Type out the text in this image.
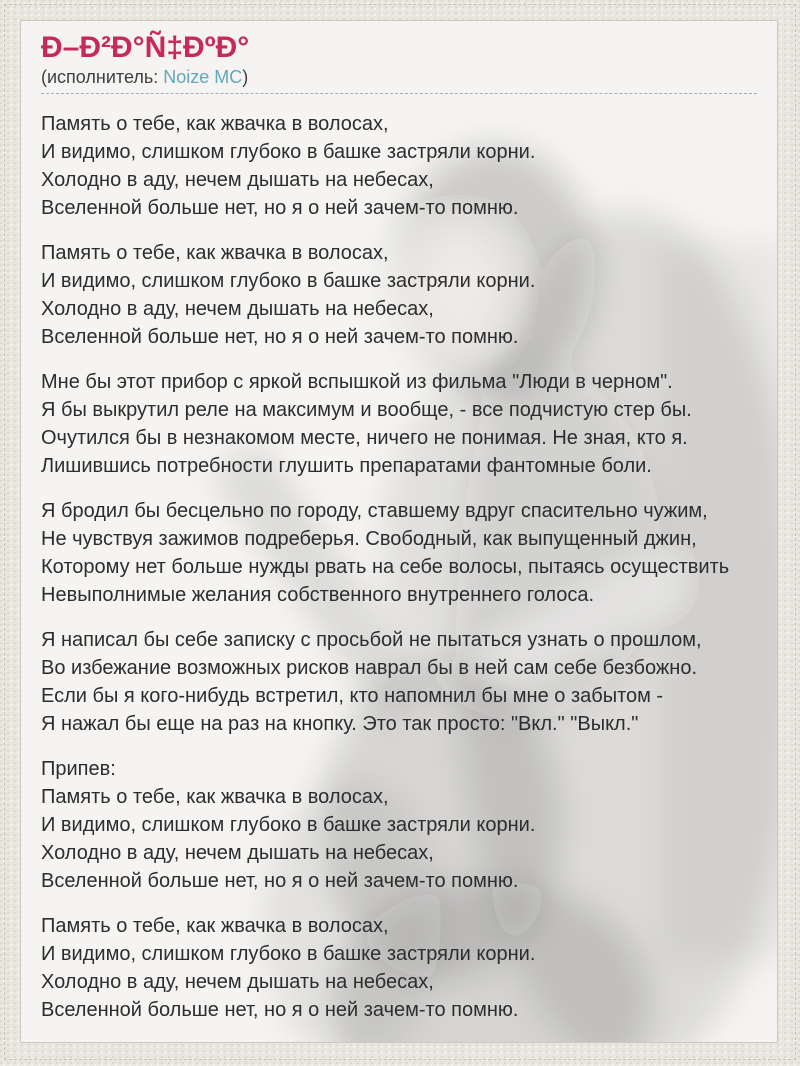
Ð–Ð²Ð°Ñ‡ÐºÐ°
(исполнитель: Noize MC)

Память о тебе, как жвачка в волосах,
И видимо, слишком глубоко в башке застряли корни.
Холодно в аду, нечем дышать на небесах,
Вселенной больше нет, но я о ней зачем-то помню.

Память о тебе, как жвачка в волосах,
И видимо, слишком глубоко в башке застряли корни.
Холодно в аду, нечем дышать на небесах,
Вселенной больше нет, но я о ней зачем-то помню.

Мне бы этот прибор с яркой вспышкой из фильма "Люди в черном".
Я бы выкрутил реле на максимум и вообще, - все подчистую стер бы.
Очутился бы в незнакомом месте, ничего не понимая. Не зная, кто я.
Лишившись потребности глушить препаратами фантомные боли.

Я бродил бы бесцельно по городу, ставшему вдруг спасительно чужим,
Не чувствуя зажимов подреберья. Свободный, как выпущенный джин,
Которому нет больше нужды рвать на себе волосы, пытаясь осуществить
Невыполнимые желания собственного внутреннего голоса.

Я написал бы себе записку с просьбой не пытаться узнать о прошлом,
Во избежание возможных рисков наврал бы в ней сам себе безбожно.
Если бы я кого-нибудь встретил, кто напомнил бы мне о забытом -
Я нажал бы еще на раз на кнопку. Это так просто: "Вкл." "Выкл."

Припев:
Память о тебе, как жвачка в волосах,
И видимо, слишком глубоко в башке застряли корни.
Холодно в аду, нечем дышать на небесах,
Вселенной больше нет, но я о ней зачем-то помню.

Память о тебе, как жвачка в волосах,
И видимо, слишком глубоко в башке застряли корни.
Холодно в аду, нечем дышать на небесах,
Вселенной больше нет, но я о ней зачем-то помню.
